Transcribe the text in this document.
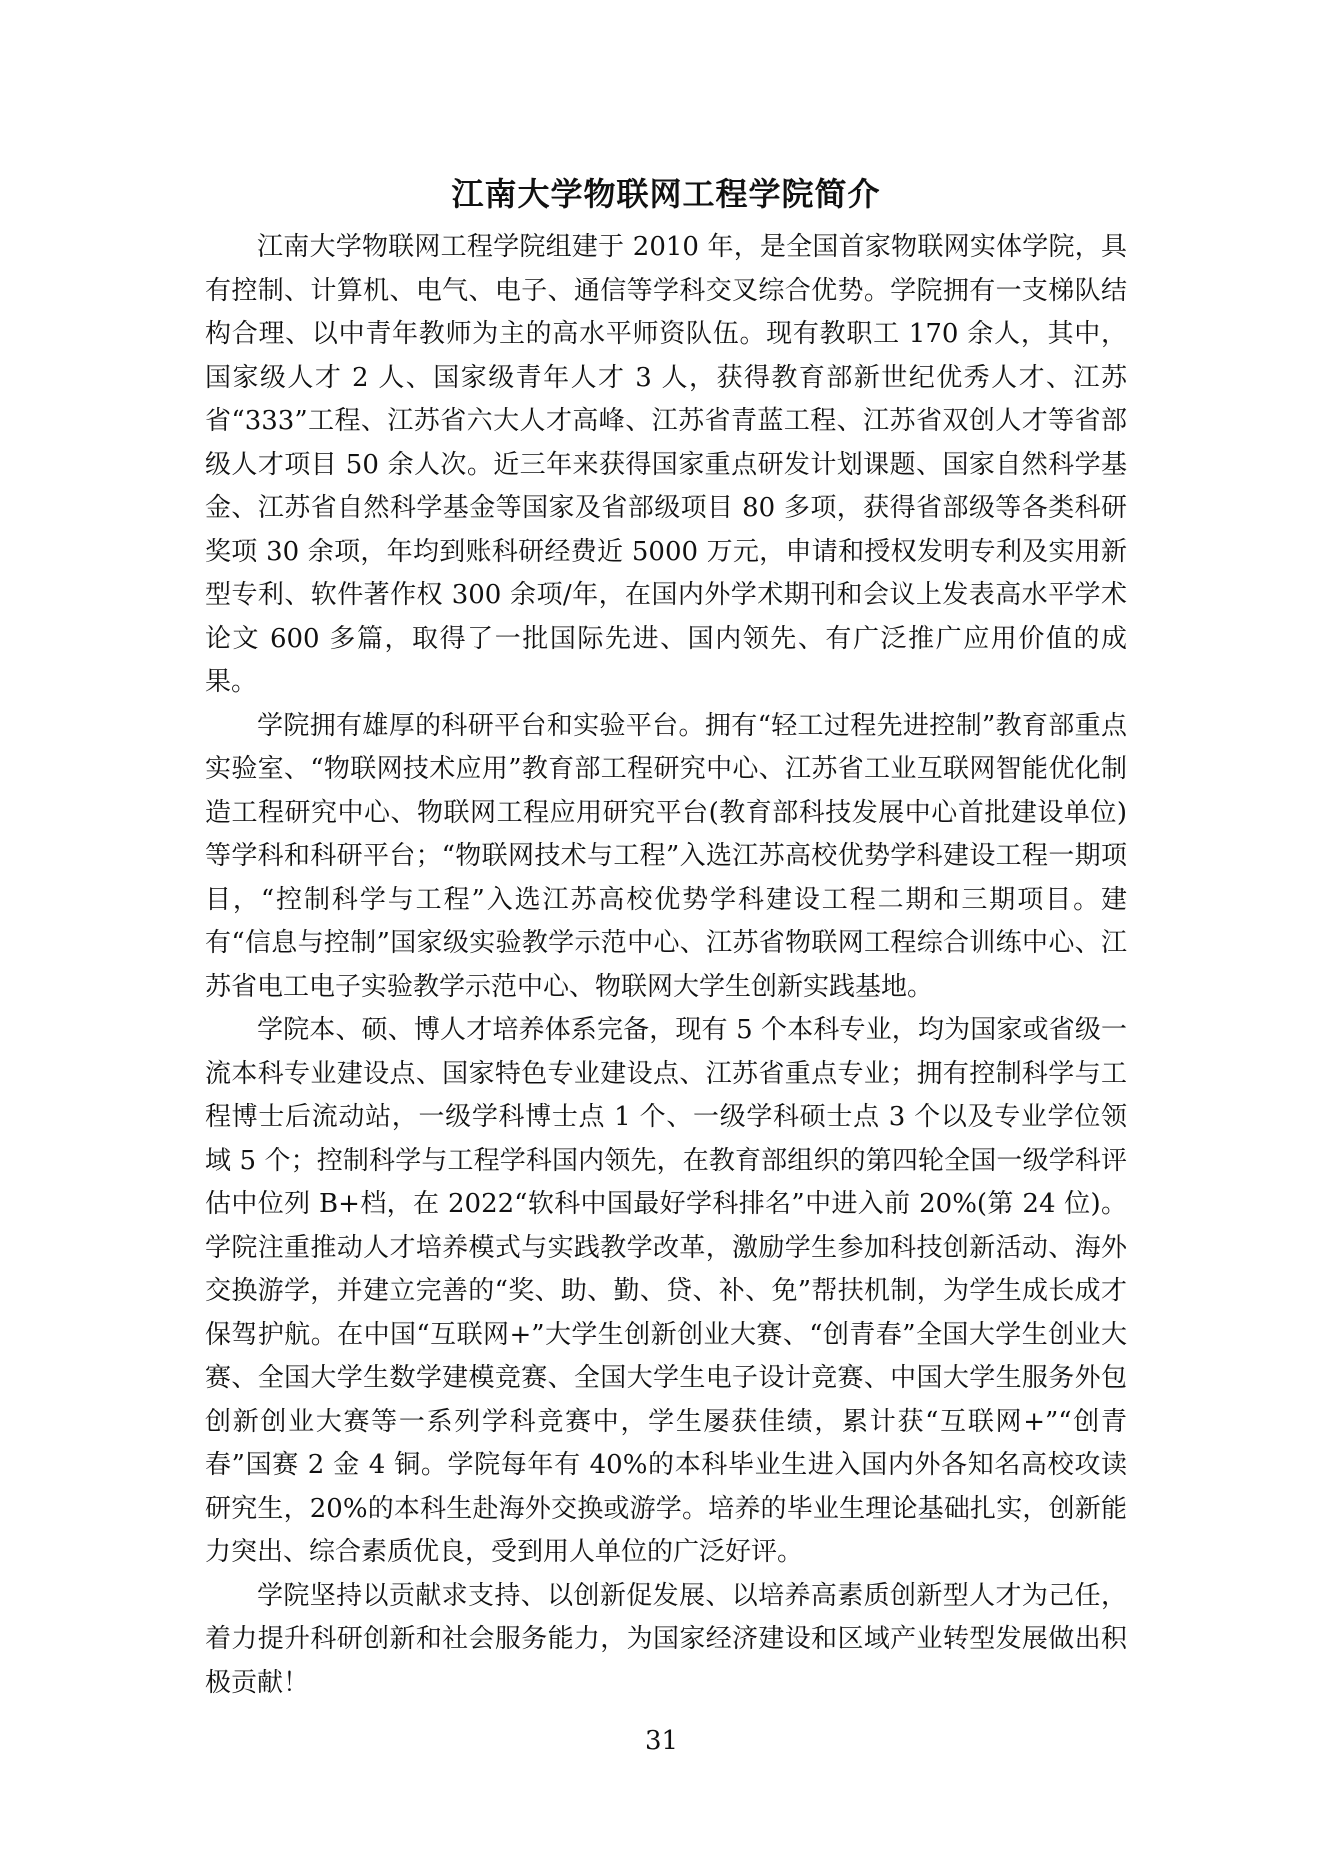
江南大学物联网工程学院简介

江南大学物联网工程学院组建于 2010 年，是全国首家物联网实体学院，具有控制、计算机、电气、电子、通信等学科交叉综合优势。学院拥有一支梯队结构合理、以中青年教师为主的高水平师资队伍。现有教职工 170 余人，其中，国家级人才 2 人、国家级青年人才 3 人，获得教育部新世纪优秀人才、江苏省“333”工程、江苏省六大人才高峰、江苏省青蓝工程、江苏省双创人才等省部级人才项目 50 余人次。近三年来获得国家重点研发计划课题、国家自然科学基金、江苏省自然科学基金等国家及省部级项目 80 多项，获得省部级等各类科研奖项 30 余项，年均到账科研经费近 5000 万元，申请和授权发明专利及实用新型专利、软件著作权 300 余项/年，在国内外学术期刊和会议上发表高水平学术论文 600 多篇，取得了一批国际先进、国内领先、有广泛推广应用价值的成果。

学院拥有雄厚的科研平台和实验平台。拥有“轻工过程先进控制”教育部重点实验室、“物联网技术应用”教育部工程研究中心、江苏省工业互联网智能优化制造工程研究中心、物联网工程应用研究平台(教育部科技发展中心首批建设单位)等学科和科研平台；“物联网技术与工程”入选江苏高校优势学科建设工程一期项目，“控制科学与工程”入选江苏高校优势学科建设工程二期和三期项目。建有“信息与控制”国家级实验教学示范中心、江苏省物联网工程综合训练中心、江苏省电工电子实验教学示范中心、物联网大学生创新实践基地。

学院本、硕、博人才培养体系完备，现有 5 个本科专业，均为国家或省级一流本科专业建设点、国家特色专业建设点、江苏省重点专业；拥有控制科学与工程博士后流动站，一级学科博士点 1 个、一级学科硕士点 3 个以及专业学位领域 5 个；控制科学与工程学科国内领先，在教育部组织的第四轮全国一级学科评估中位列 B+档，在 2022“软科中国最好学科排名”中进入前 20%(第 24 位)。学院注重推动人才培养模式与实践教学改革，激励学生参加科技创新活动、海外交换游学，并建立完善的“奖、助、勤、贷、补、免”帮扶机制，为学生成长成才保驾护航。在中国“互联网+”大学生创新创业大赛、“创青春”全国大学生创业大赛、全国大学生数学建模竞赛、全国大学生电子设计竞赛、中国大学生服务外包创新创业大赛等一系列学科竞赛中，学生屡获佳绩，累计获“互联网+”“创青春”国赛 2 金 4 铜。学院每年有 40%的本科毕业生进入国内外各知名高校攻读研究生，20%的本科生赴海外交换或游学。培养的毕业生理论基础扎实，创新能力突出、综合素质优良，受到用人单位的广泛好评。

学院坚持以贡献求支持、以创新促发展、以培养高素质创新型人才为己任，着力提升科研创新和社会服务能力，为国家经济建设和区域产业转型发展做出积极贡献！

31
